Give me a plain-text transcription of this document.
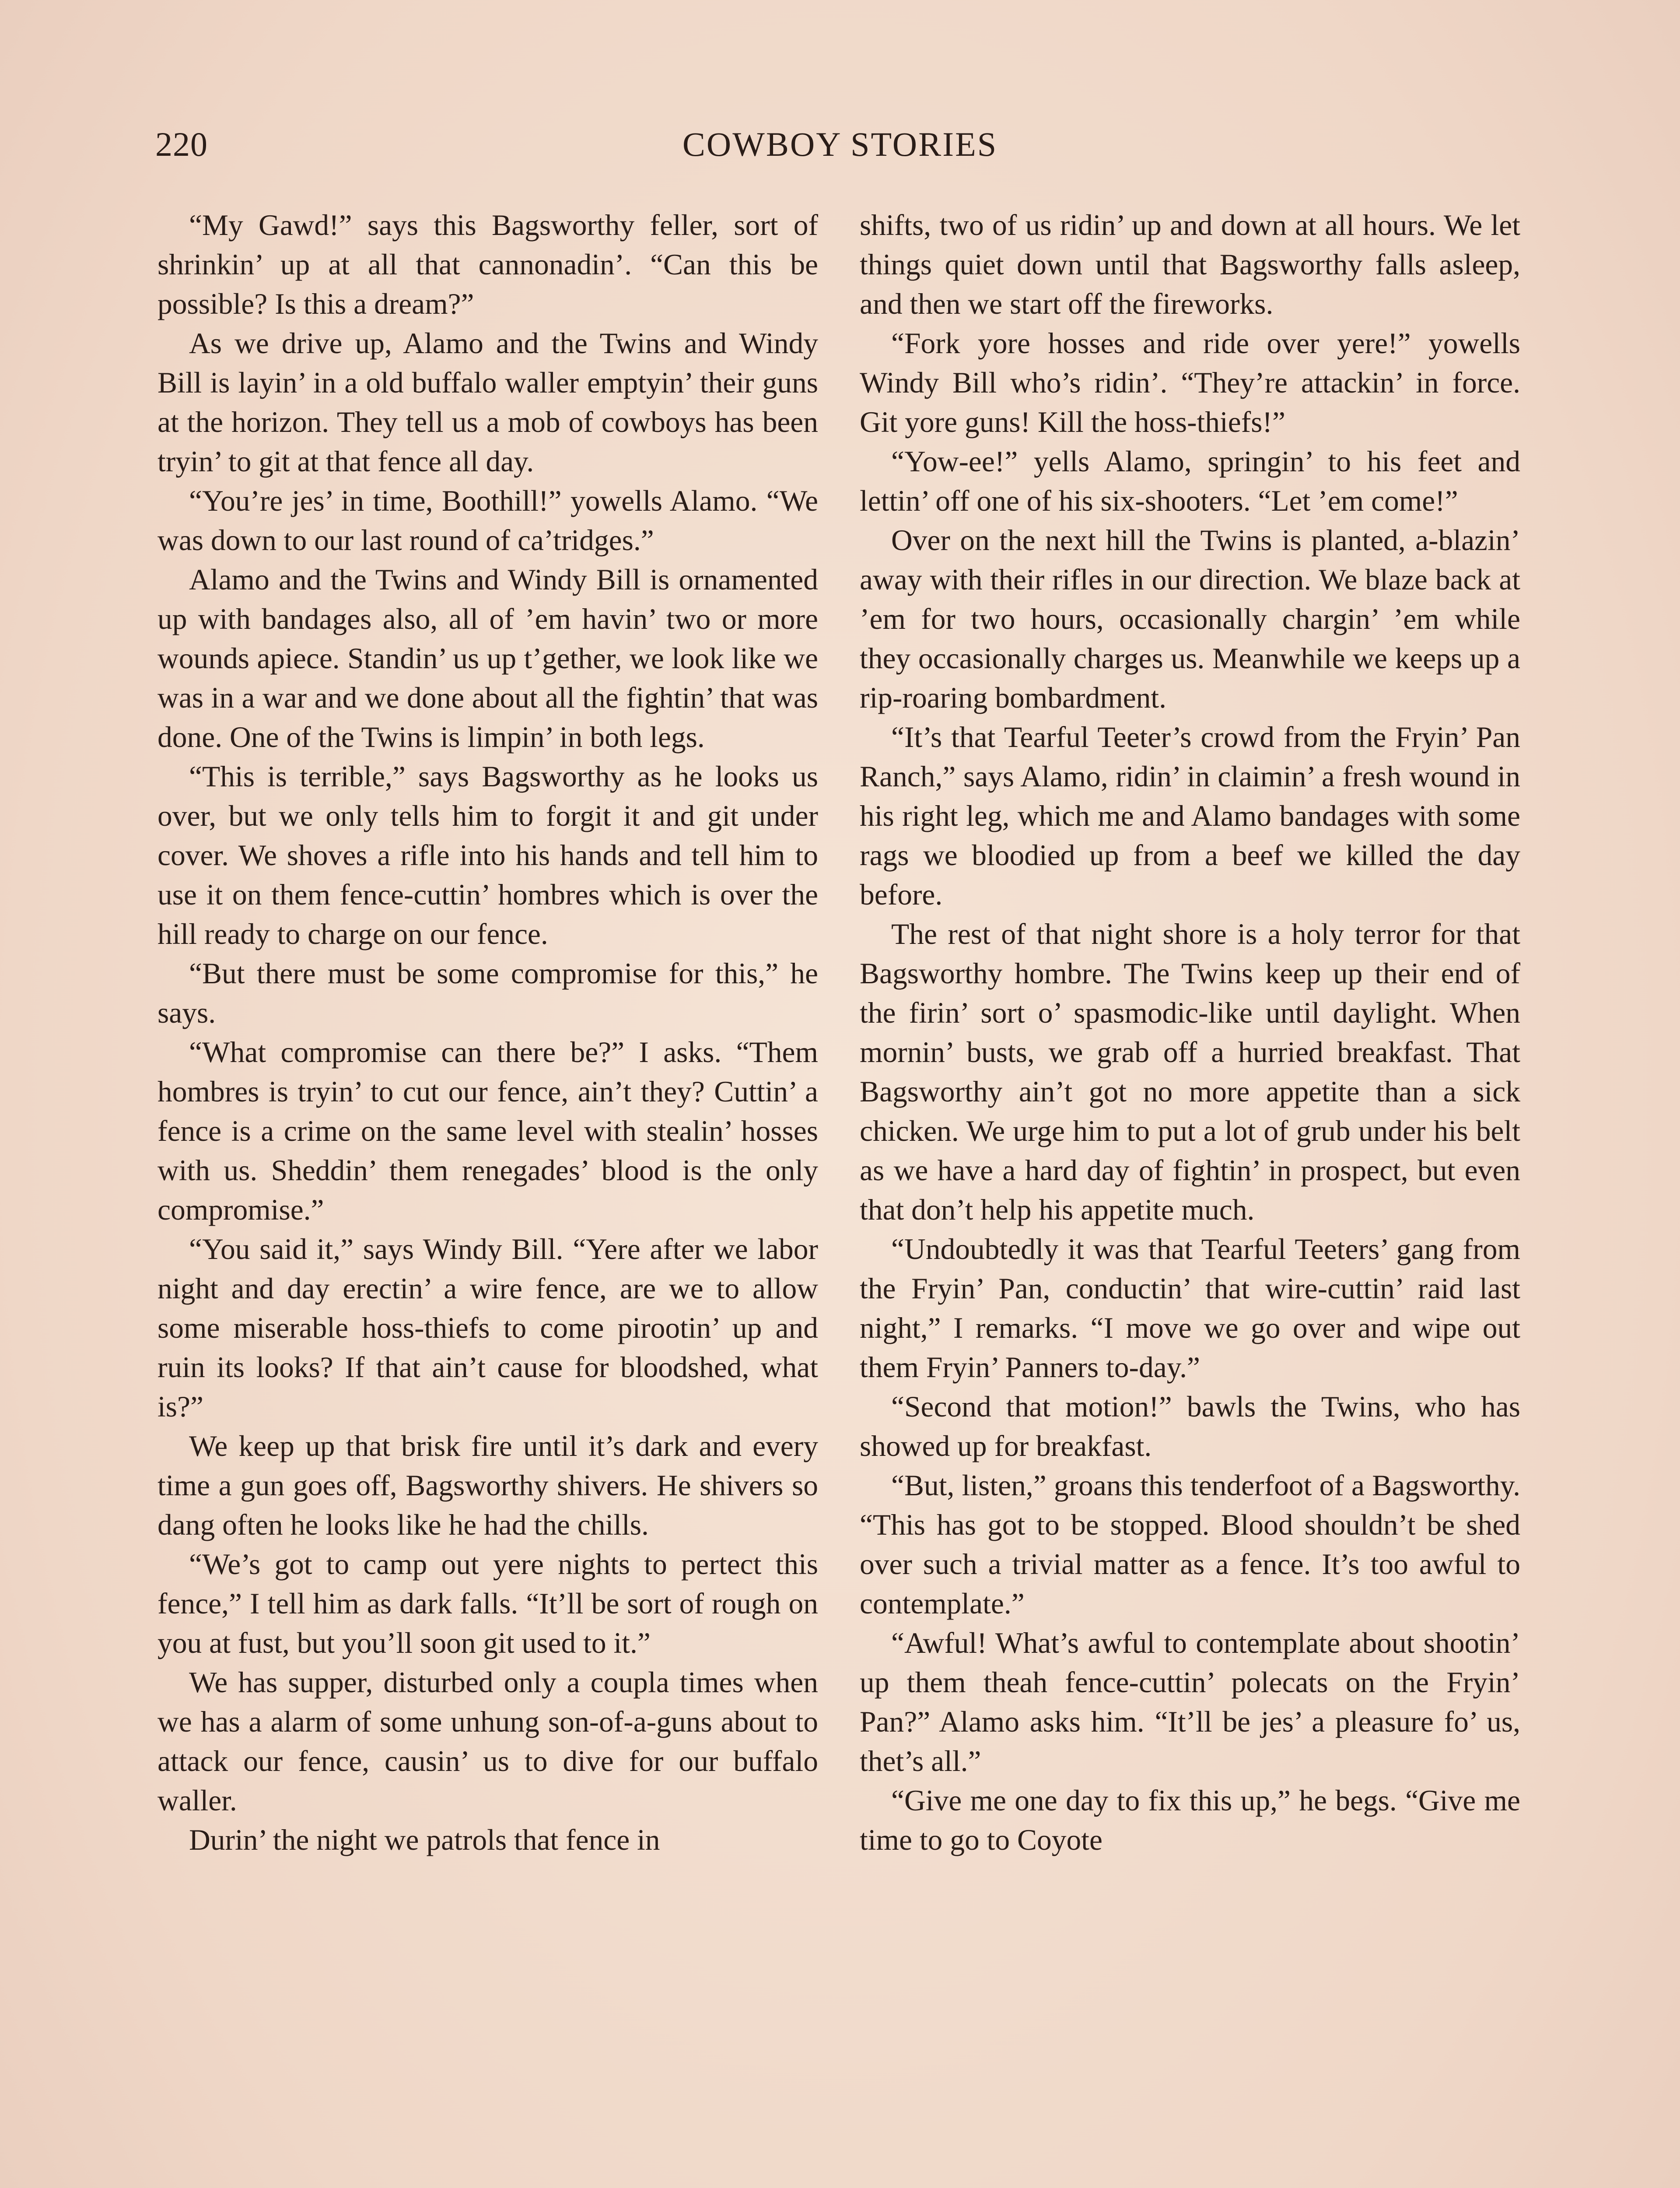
220	COWBOY STORIES

“My Gawd!” says this Bagsworthy feller, sort of shrinkin’ up at all that cannonadin’. “Can this be possible? Is this a dream?”

As we drive up, Alamo and the Twins and Windy Bill is layin’ in a old buffalo waller emptyin’ their guns at the horizon. They tell us a mob of cowboys has been tryin’ to git at that fence all day.

“You’re jes’ in time, Boothill!” yowells Alamo. “We was down to our last round of ca’tridges.”

Alamo and the Twins and Windy Bill is ornamented up with bandages also, all of ’em havin’ two or more wounds apiece. Standin’ us up t’gether, we look like we was in a war and we done about all the fightin’ that was done. One of the Twins is limpin’ in both legs.

“This is terrible,” says Bagsworthy as he looks us over, but we only tells him to forgit it and git under cover. We shoves a rifle into his hands and tell him to use it on them fence-cuttin’ hombres which is over the hill ready to charge on our fence.

“But there must be some compromise for this,” he says.

“What compromise can there be?” I asks. “Them hombres is tryin’ to cut our fence, ain’t they? Cuttin’ a fence is a crime on the same level with stealin’ hosses with us. Sheddin’ them renegades’ blood is the only compromise.”

“You said it,” says Windy Bill. “Yere after we labor night and day erectin’ a wire fence, are we to allow some miserable hoss-thiefs to come pirootin’ up and ruin its looks? If that ain’t cause for bloodshed, what is?”

We keep up that brisk fire until it’s dark and every time a gun goes off, Bagsworthy shivers. He shivers so dang often he looks like he had the chills.

“We’s got to camp out yere nights to pertect this fence,” I tell him as dark falls. “It’ll be sort of rough on you at fust, but you’ll soon git used to it.”

We has supper, disturbed only a coupla times when we has a alarm of some unhung son-of-a-guns about to attack our fence, causin’ us to dive for our buffalo waller.

Durin’ the night we patrols that fence in

shifts, two of us ridin’ up and down at all hours. We let things quiet down until that Bagsworthy falls asleep, and then we start off the fireworks.

“Fork yore hosses and ride over yere!” yowells Windy Bill who’s ridin’. “They’re attackin’ in force. Git yore guns! Kill the hoss-thiefs!”

“Yow-ee!” yells Alamo, springin’ to his feet and lettin’ off one of his six-shooters. “Let ’em come!”

Over on the next hill the Twins is planted, a-blazin’ away with their rifles in our direction. We blaze back at ’em for two hours, occasionally chargin’ ’em while they occasionally charges us. Meanwhile we keeps up a rip-roaring bombardment.

“It’s that Tearful Teeter’s crowd from the Fryin’ Pan Ranch,” says Alamo, ridin’ in claimin’ a fresh wound in his right leg, which me and Alamo bandages with some rags we bloodied up from a beef we killed the day before.

The rest of that night shore is a holy terror for that Bagsworthy hombre. The Twins keep up their end of the firin’ sort o’ spasmodic-like until daylight. When mornin’ busts, we grab off a hurried breakfast. That Bagsworthy ain’t got no more appetite than a sick chicken. We urge him to put a lot of grub under his belt as we have a hard day of fightin’ in prospect, but even that don’t help his appetite much.

“Undoubtedly it was that Tearful Teeters’ gang from the Fryin’ Pan, conductin’ that wire-cuttin’ raid last night,” I remarks. “I move we go over and wipe out them Fryin’ Panners to-day.”

“Second that motion!” bawls the Twins, who has showed up for breakfast.

“But, listen,” groans this tenderfoot of a Bagsworthy. “This has got to be stopped. Blood shouldn’t be shed over such a trivial matter as a fence. It’s too awful to contemplate.”

“Awful! What’s awful to contemplate about shootin’ up them theah fence-cuttin’ polecats on the Fryin’ Pan?” Alamo asks him. “It’ll be jes’ a pleasure fo’ us, thet’s all.”

“Give me one day to fix this up,” he begs. “Give me time to go to Coyote
